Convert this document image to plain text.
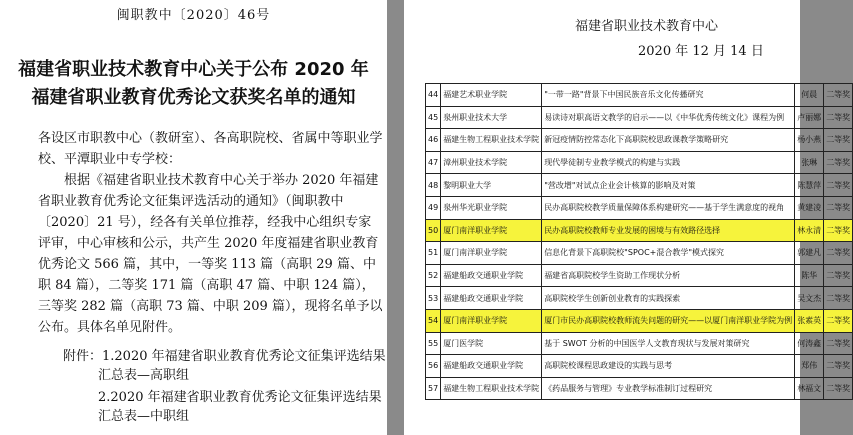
闽职教中〔2020〕46号
福建省职业技术教育中心关于公布 2020 年
福建省职业教育优秀论文获奖名单的通知
各设区市职教中心（教研室）、各高职院校、省属中等职业学校、平潭职业中专学校：
根据《福建省职业技术教育中心关于举办 2020 年福建省职业教育优秀论文征集评选活动的通知》（闽职教中〔2020〕21 号），经各有关单位推荐，经我中心组织专家评审，中心审核和公示，共产生 2020 年度福建省职业教育优秀论文 566 篇，其中，一等奖 113 篇（高职 29 篇、中职 84 篇），二等奖 171 篇（高职 47 篇、中职 124 篇），三等奖 282 篇（高职 73 篇、中职 209 篇），现将名单予以公布。具体名单见附件。
附件：1.2020 年福建省职业教育优秀论文征集评选结果
汇总表—高职组
2.2020 年福建省职业教育优秀论文征集评选结果
汇总表—中职组
福建省职业技术教育中心
2020 年 12 月 14 日
44	福建艺术职业学院	"一带一路"背景下中国民族音乐文化传播研究	何晨	二等奖
45	泉州职业技术大学	易读诗对职高语文教学的启示——以《中华优秀传统文化》课程为例	卢丽娜	二等奖
46	福建生物工程职业技术学院	新冠疫情防控常态化下高职院校思政课教学策略研究	杨小燕	二等奖
47	漳州职业技术学院	现代學徒制专业教学模式的构建与实践	张琳	二等奖
48	黎明职业大学	"营改增"对试点企业会计核算的影响及对策	陈慧萍	二等奖
49	泉州华光职业学院	民办高职院校教学质量保障体系构建研究——基于学生满意度的视角	黄建凌	二等奖
50	厦门南洋职业学院	民办高职院校教师专业发展的困境与有效路径选择	林永清	二等奖
51	厦门南洋职业学院	信息化背景下高职院校"SPOC+混合教学"模式探究	郭建凡	二等奖
52	福建船政交通职业学院	福建省高职院校学生资助工作现状分析	陈华	二等奖
53	福建船政交通职业学院	高职院校学生创新创业教育的实践探索	吴文杰	二等奖
54	厦门南洋职业学院	厦门市民办高职院校教师流失问题的研究——以厦门南洋职业学院为例	张素英	二等奖
55	厦门医学院	基于 SWOT 分析的中国医学人文教育现状与发展对策研究	何涛鑫	二等奖
56	福建船政交通职业学院	高职院校课程思政建设的实践与思考	郑伟	二等奖
57	福建生物工程职业技术学院	《药品服务与管理》专业教学标准制订过程研究	林福文	二等奖
